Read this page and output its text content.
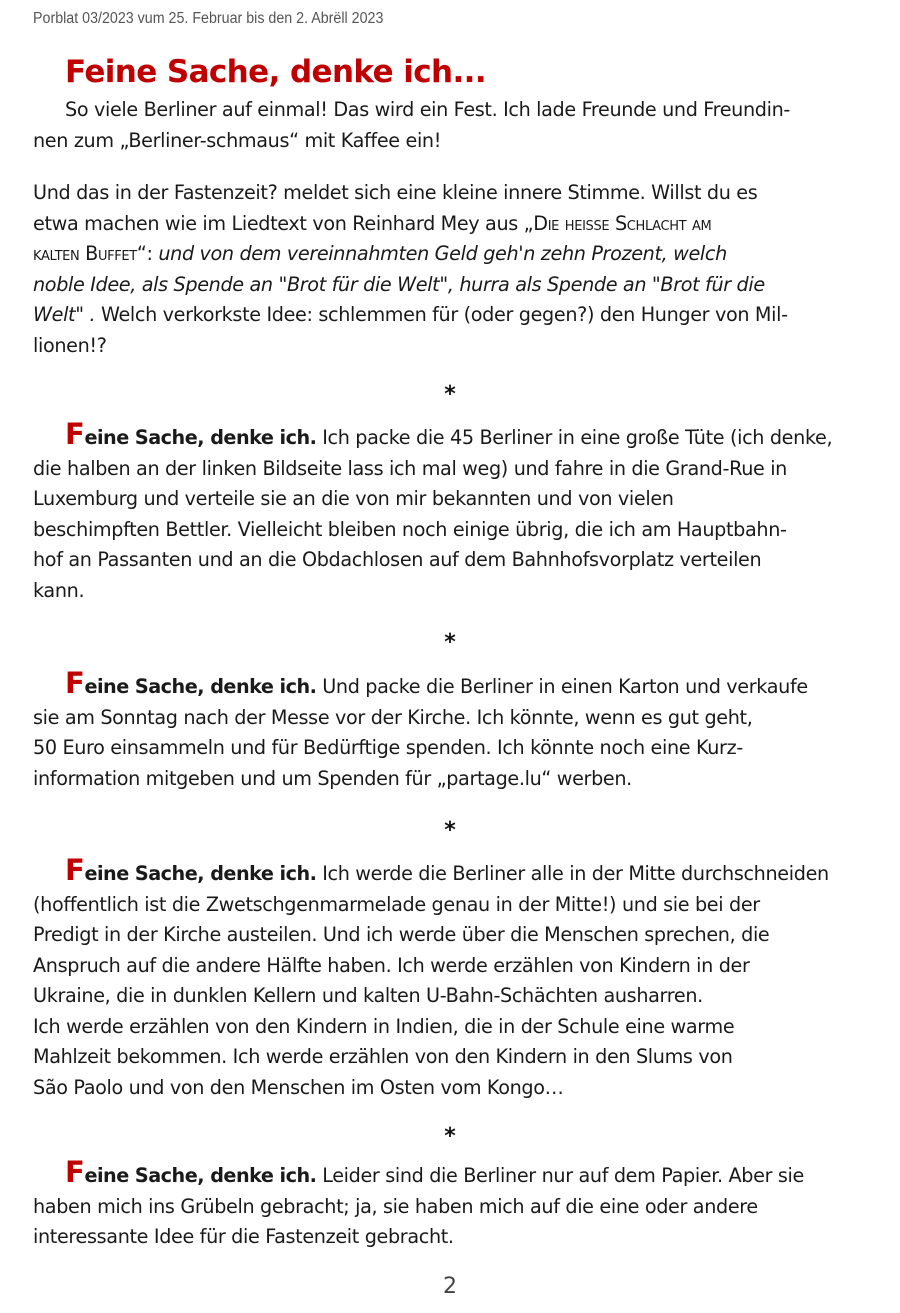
Porblat 03/2023 vum 25. Februar bis den 2. Abrëll 2023
Feine Sache, denke ich...
So viele Berliner auf einmal! Das wird ein Fest. Ich lade Freunde und Freundin-
nen zum „Berliner-schmaus“ mit Kaffee ein!
Und das in der Fastenzeit? meldet sich eine kleine innere Stimme. Willst du es
etwa machen wie im Liedtext von Reinhard Mey aus „Die heisse Schlacht am
kalten Buffet“: und von dem vereinnahmten Geld geh'n zehn Prozent, welch
noble Idee, als Spende an "Brot für die Welt", hurra als Spende an "Brot für die
Welt" . Welch verkorkste Idee: schlemmen für (oder gegen?) den Hunger von Mil-
lionen!?
*
Feine Sache, denke ich. Ich packe die 45 Berliner in eine große Tüte (ich denke,
die halben an der linken Bildseite lass ich mal weg) und fahre in die Grand-Rue in
Luxemburg und verteile sie an die von mir bekannten und von vielen
beschimpften Bettler. Vielleicht bleiben noch einige übrig, die ich am Hauptbahn-
hof an Passanten und an die Obdachlosen auf dem Bahnhofsvorplatz verteilen
kann.
*
Feine Sache, denke ich. Und packe die Berliner in einen Karton und verkaufe
sie am Sonntag nach der Messe vor der Kirche. Ich könnte, wenn es gut geht,
50 Euro einsammeln und für Bedürftige spenden. Ich könnte noch eine Kurz-
information mitgeben und um Spenden für „partage.lu“ werben.
*
Feine Sache, denke ich. Ich werde die Berliner alle in der Mitte durchschneiden
(hoffentlich ist die Zwetschgenmarmelade genau in der Mitte!) und sie bei der
Predigt in der Kirche austeilen. Und ich werde über die Menschen sprechen, die
Anspruch auf die andere Hälfte haben. Ich werde erzählen von Kindern in der
Ukraine, die in dunklen Kellern und kalten U-Bahn-Schächten ausharren.
Ich werde erzählen von den Kindern in Indien, die in der Schule eine warme
Mahlzeit bekommen. Ich werde erzählen von den Kindern in den Slums von
São Paolo und von den Menschen im Osten vom Kongo…
*
Feine Sache, denke ich. Leider sind die Berliner nur auf dem Papier. Aber sie
haben mich ins Grübeln gebracht; ja, sie haben mich auf die eine oder andere
interessante Idee für die Fastenzeit gebracht.
2
